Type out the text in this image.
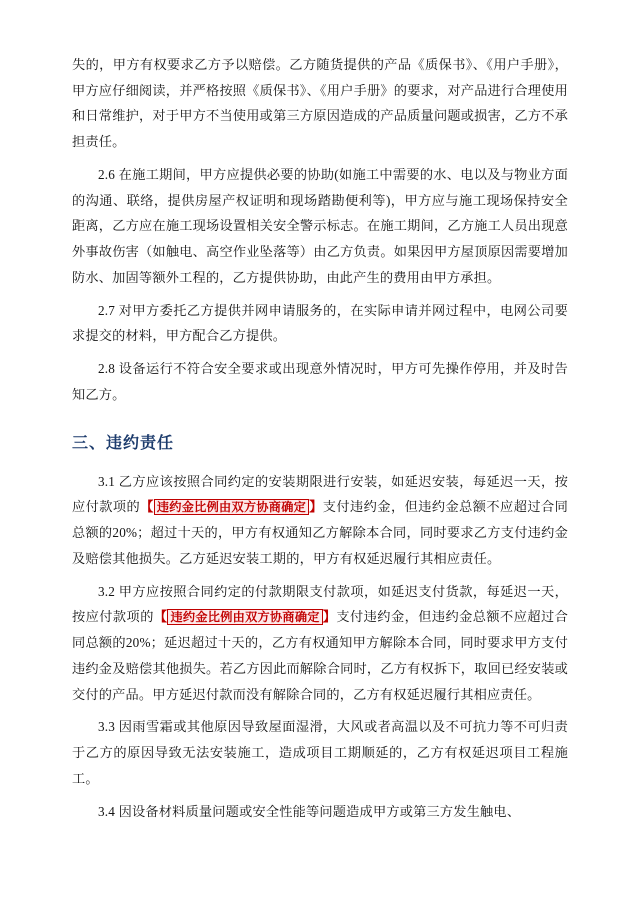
失的，甲方有权要求乙方予以赔偿。乙方随货提供的产品《质保书》、《用户手册》，甲方应仔细阅读，并严格按照《质保书》、《用户手册》的要求，对产品进行合理使用和日常维护，对于甲方不当使用或第三方原因造成的产品质量问题或损害，乙方不承担责任。

2.6 在施工期间，甲方应提供必要的协助(如施工中需要的水、电以及与物业方面的沟通、联络，提供房屋产权证明和现场踏勘便利等)，甲方应与施工现场保持安全距离，乙方应在施工现场设置相关安全警示标志。在施工期间，乙方施工人员出现意外事故伤害（如触电、高空作业坠落等）由乙方负责。如果因甲方屋顶原因需要增加防水、加固等额外工程的，乙方提供协助，由此产生的费用由甲方承担。

2.7 对甲方委托乙方提供并网申请服务的，在实际申请并网过程中，电网公司要求提交的材料，甲方配合乙方提供。

2.8 设备运行不符合安全要求或出现意外情况时，甲方可先操作停用，并及时告知乙方。

三、违约责任

3.1 乙方应该按照合同约定的安装期限进行安装，如延迟安装，每延迟一天，按应付款项的【 违约金比例由双方协商确定 】支付违约金，但违约金总额不应超过合同总额的20%；超过十天的，甲方有权通知乙方解除本合同，同时要求乙方支付违约金及赔偿其他损失。乙方延迟安装工期的，甲方有权延迟履行其相应责任。

3.2 甲方应按照合同约定的付款期限支付款项，如延迟支付货款，每延迟一天，按应付款项的【 违约金比例由双方协商确定 】支付违约金，但违约金总额不应超过合同总额的20%；延迟超过十天的，乙方有权通知甲方解除本合同，同时要求甲方支付违约金及赔偿其他损失。若乙方因此而解除合同时，乙方有权拆下，取回已经安装或交付的产品。甲方延迟付款而没有解除合同的，乙方有权延迟履行其相应责任。

3.3 因雨雪霜或其他原因导致屋面湿滑，大风或者高温以及不可抗力等不可归责于乙方的原因导致无法安装施工，造成项目工期顺延的，乙方有权延迟项目工程施工。

3.4 因设备材料质量问题或安全性能等问题造成甲方或第三方发生触电、
